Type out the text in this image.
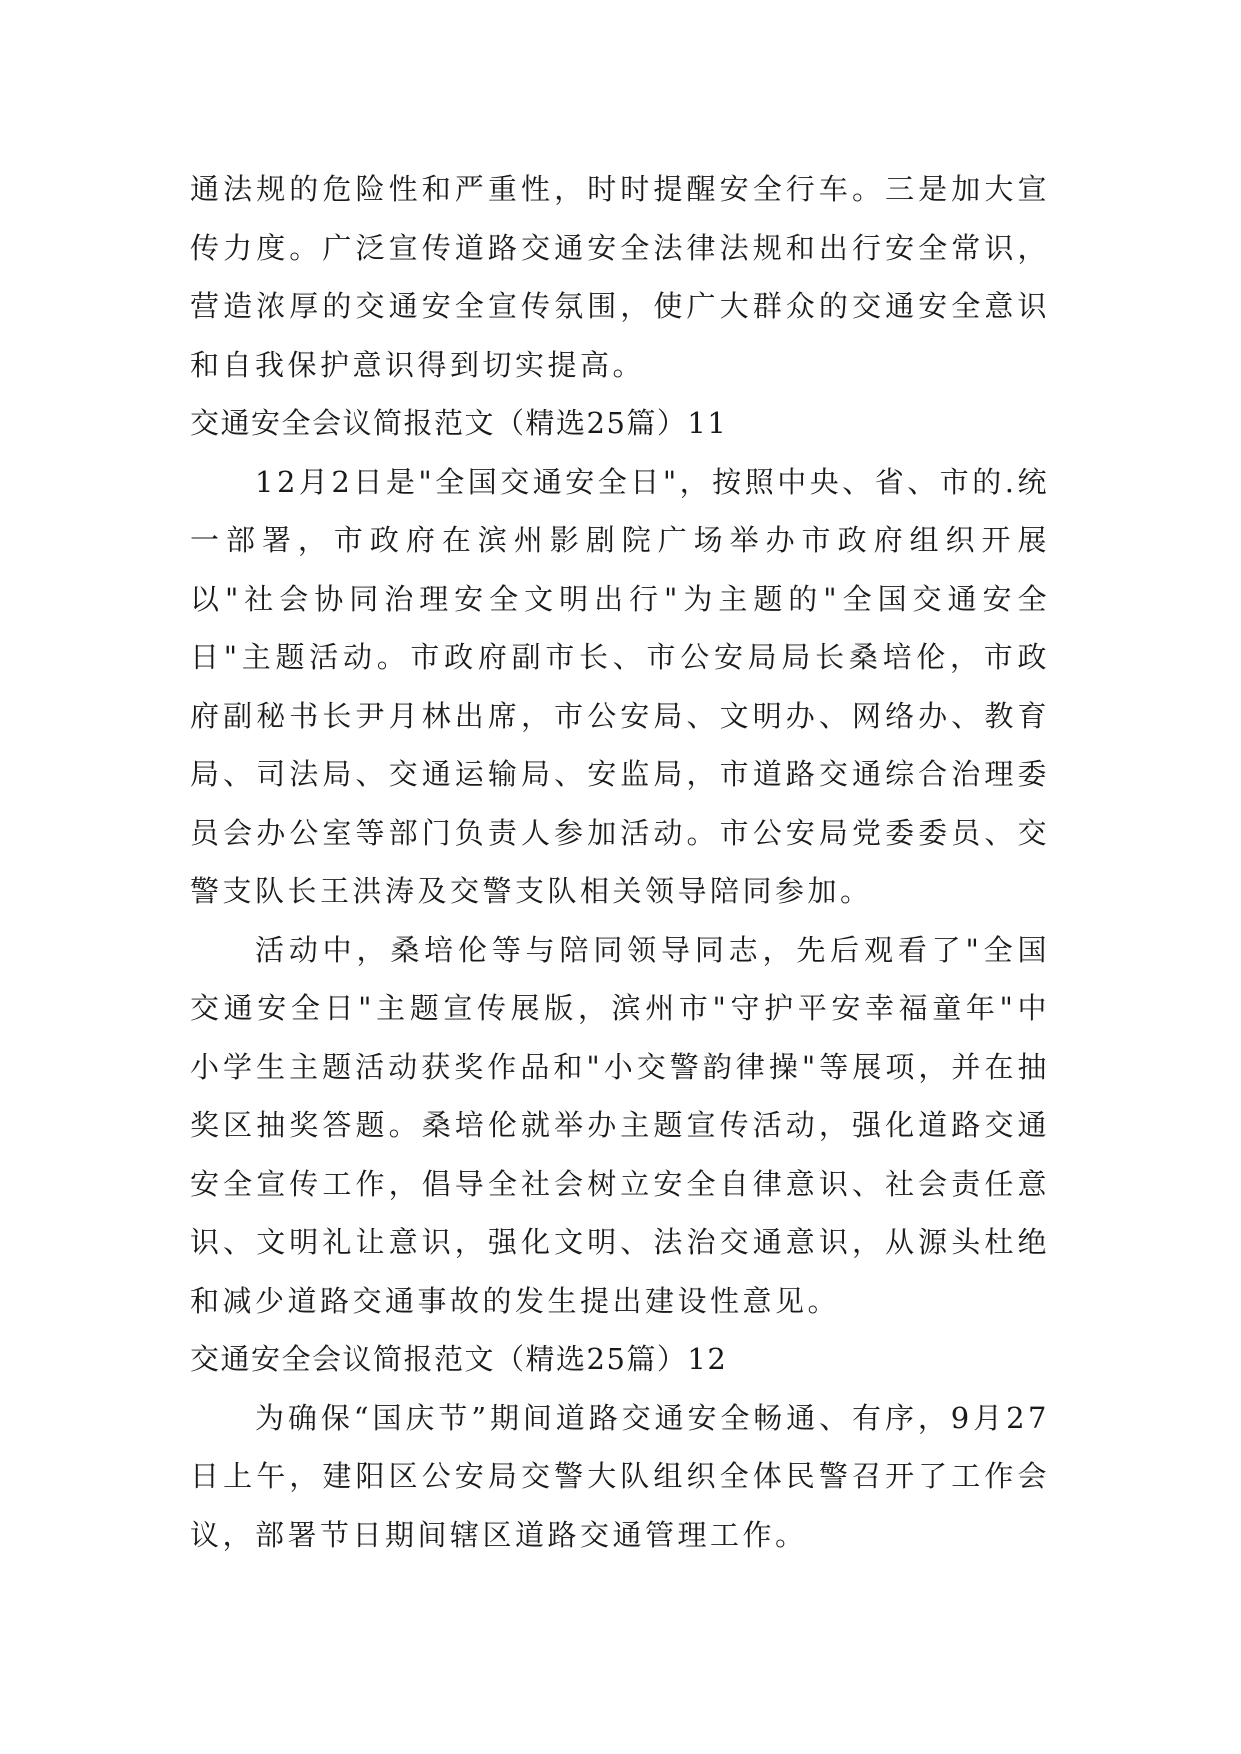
通法规的危险性和严重性，时时提醒安全行车。三是加大宣传力度。广泛宣传道路交通安全法律法规和出行安全常识，营造浓厚的交通安全宣传氛围，使广大群众的交通安全意识和自我保护意识得到切实提高。

交通安全会议简报范文（精选25篇）11

12月2日是"全国交通安全日"，按照中央、省、市的.统一部署，市政府在滨州影剧院广场举办市政府组织开展以"社会协同治理安全文明出行"为主题的"全国交通安全日"主题活动。市政府副市长、市公安局局长桑培伦，市政府副秘书长尹月林出席，市公安局、文明办、网络办、教育局、司法局、交通运输局、安监局，市道路交通综合治理委员会办公室等部门负责人参加活动。市公安局党委委员、交警支队长王洪涛及交警支队相关领导陪同参加。

活动中，桑培伦等与陪同领导同志，先后观看了"全国交通安全日"主题宣传展版，滨州市"守护平安幸福童年"中小学生主题活动获奖作品和"小交警韵律操"等展项，并在抽奖区抽奖答题。桑培伦就举办主题宣传活动，强化道路交通安全宣传工作，倡导全社会树立安全自律意识、社会责任意识、文明礼让意识，强化文明、法治交通意识，从源头杜绝和减少道路交通事故的发生提出建设性意见。

交通安全会议简报范文（精选25篇）12

为确保“国庆节”期间道路交通安全畅通、有序，9月27日上午，建阳区公安局交警大队组织全体民警召开了工作会议，部署节日期间辖区道路交通管理工作。
